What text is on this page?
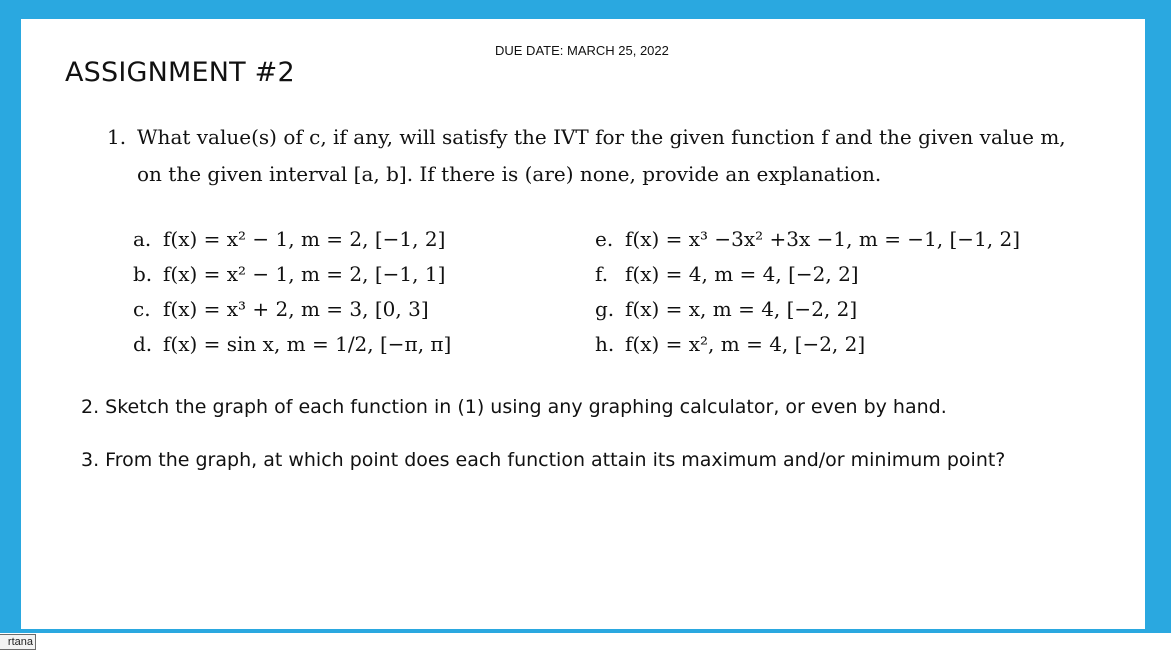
DUE DATE: MARCH 25, 2022
ASSIGNMENT #2
1. What value(s) of c, if any, will satisfy the IVT for the given function f and the given value m, on the given interval [a, b]. If there is (are) none, provide an explanation.
a. f(x) = x² − 1, m = 2, [−1, 2]
b. f(x) = x² − 1, m = 2, [−1, 1]
c. f(x) = x³ + 2, m = 3, [0, 3]
d. f(x) = sin x, m = 1/2, [−π, π]
e. f(x) = x³ −3x² +3x −1, m = −1, [−1, 2]
f. f(x) = 4, m = 4, [−2, 2]
g. f(x) = x, m = 4, [−2, 2]
h. f(x) = x², m = 4, [−2, 2]
2. Sketch the graph of each function in (1) using any graphing calculator, or even by hand.
3. From the graph, at which point does each function attain its maximum and/or minimum point?
rtana
